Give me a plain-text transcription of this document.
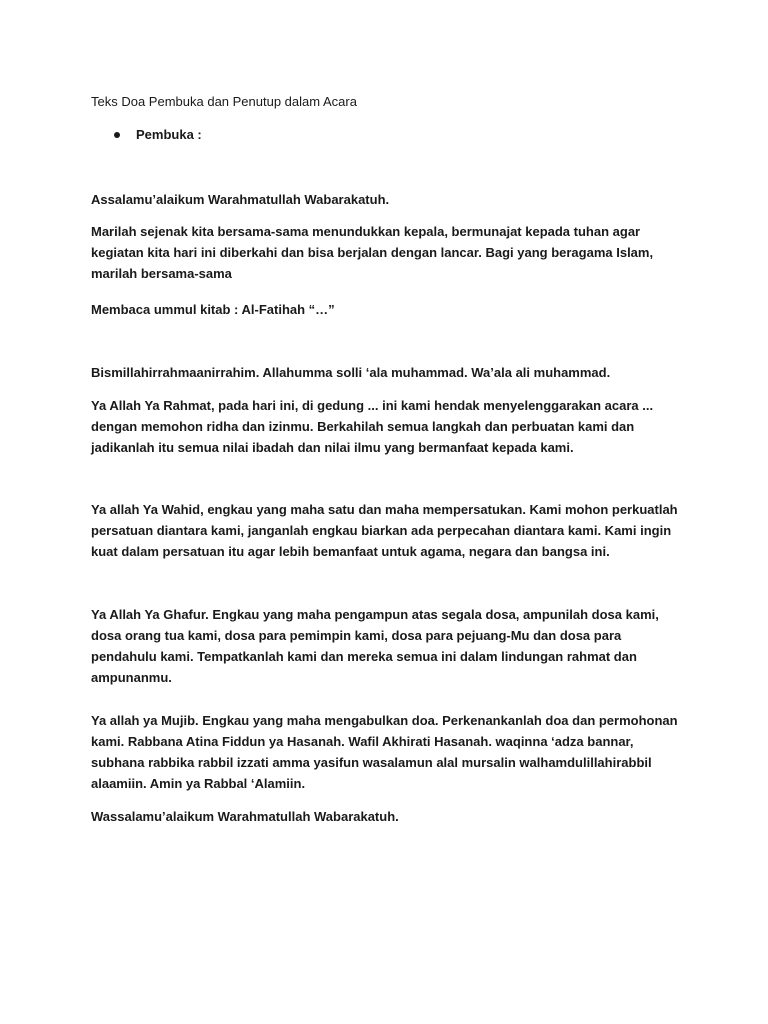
Teks Doa Pembuka dan Penutup dalam Acara
Pembuka :

Assalamu’alaikum Warahmatullah Wabarakatuh.

Marilah sejenak kita bersama-sama menundukkan kepala, bermunajat kepada tuhan agar kegiatan kita hari ini diberkahi dan bisa berjalan dengan lancar. Bagi yang beragama Islam, marilah bersama-sama

Membaca ummul kitab : Al-Fatihah “…”

Bismillahirrahmaanirrahim. Allahumma solli ‘ala muhammad. Wa’ala ali muhammad.

Ya Allah Ya Rahmat, pada hari ini, di gedung ... ini kami hendak menyelenggarakan acara ... dengan memohon ridha dan izinmu. Berkahilah semua langkah dan perbuatan kami dan jadikanlah itu semua nilai ibadah dan nilai ilmu yang bermanfaat kepada kami.

Ya allah Ya Wahid, engkau yang maha satu dan maha mempersatukan. Kami mohon perkuatlah persatuan diantara kami, janganlah engkau biarkan ada perpecahan diantara kami. Kami ingin kuat dalam persatuan itu agar lebih bemanfaat untuk agama, negara dan bangsa ini.

Ya Allah Ya Ghafur. Engkau yang maha pengampun atas segala dosa, ampunilah dosa kami, dosa orang tua kami, dosa para pemimpin kami, dosa para pejuang-Mu dan dosa para pendahulu kami. Tempatkanlah kami dan mereka semua ini dalam lindungan rahmat dan ampunanmu.

Ya allah ya Mujib. Engkau yang maha mengabulkan doa. Perkenankanlah doa dan permohonan kami. Rabbana Atina Fiddun ya Hasanah. Wafil Akhirati Hasanah. waqinna ‘adza bannar, subhana rabbika rabbil izzati amma yasifun wasalamun alal mursalin walhamdulillahirabbil alaamiin. Amin ya Rabbal ‘Alamiin.

Wassalamu’alaikum Warahmatullah Wabarakatuh.
